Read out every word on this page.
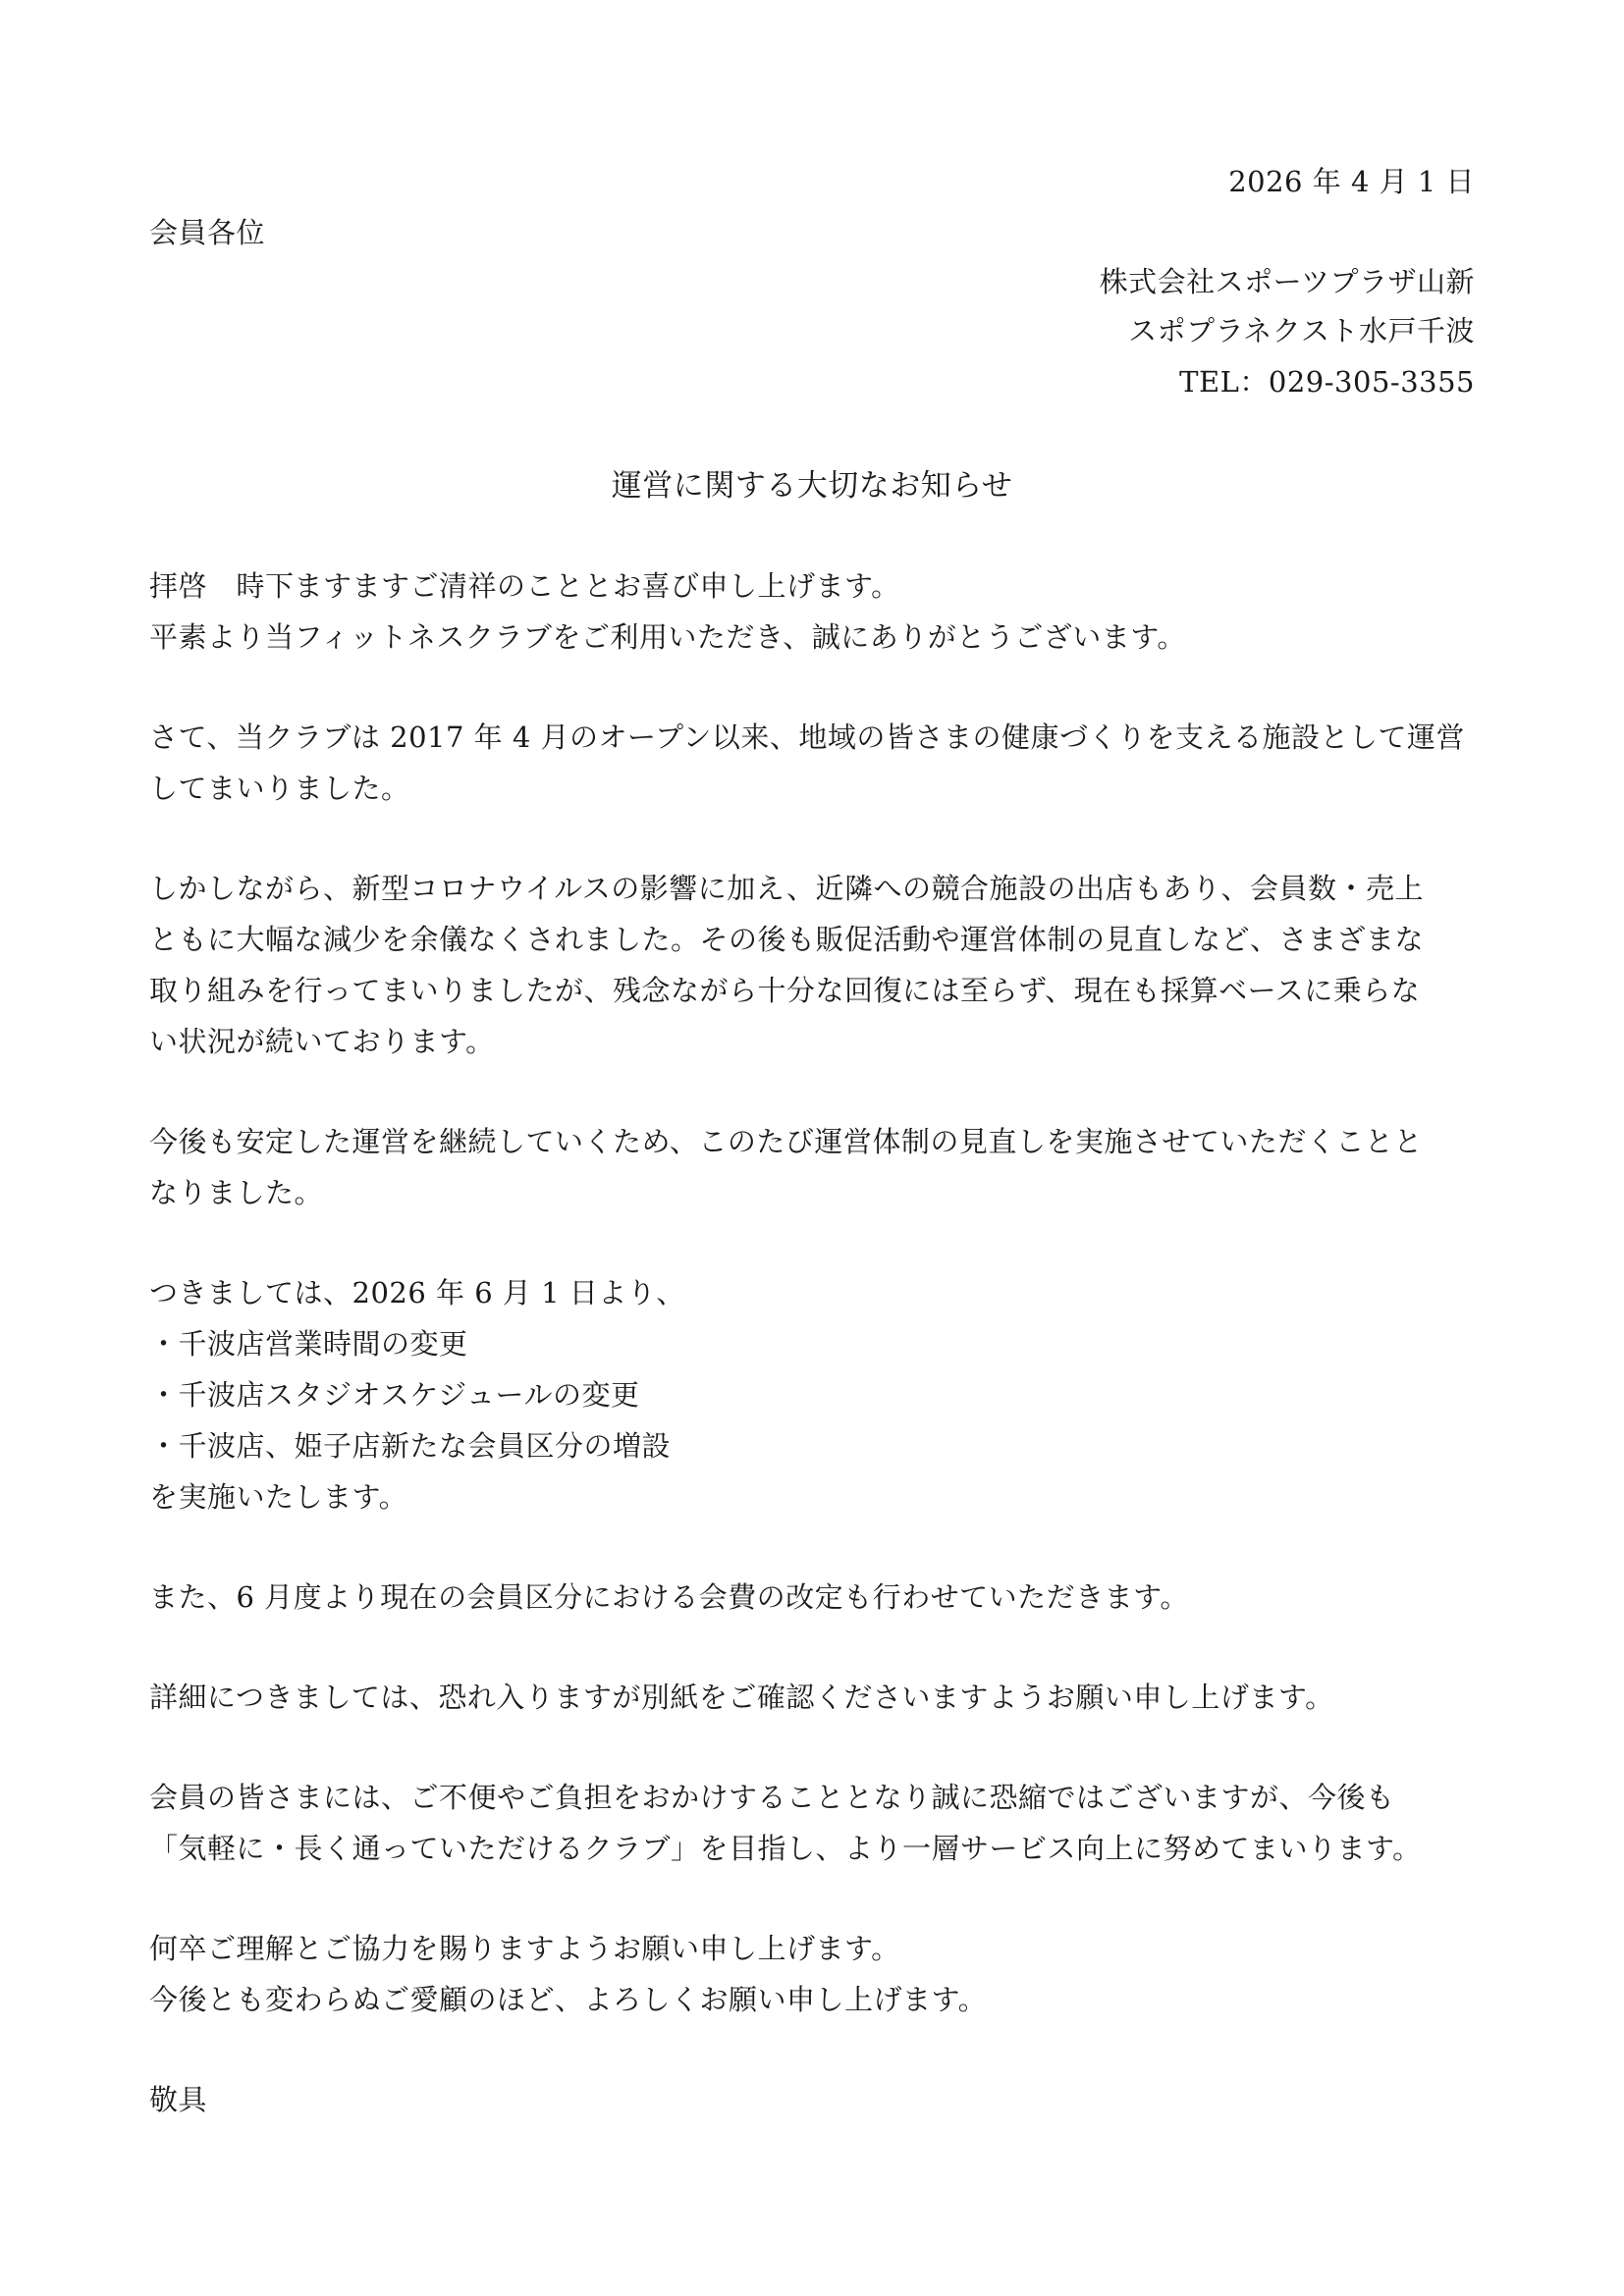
2026 年 4 月 1 日
会員各位
株式会社スポーツプラザ山新
スポプラネクスト水戸千波
TEL：029-305-3355
運営に関する大切なお知らせ
拝啓　時下ますますご清祥のこととお喜び申し上げます。
平素より当フィットネスクラブをご利用いただき、誠にありがとうございます。
さて、当クラブは 2017 年 4 月のオープン以来、地域の皆さまの健康づくりを支える施設として運営
してまいりました。
しかしながら、新型コロナウイルスの影響に加え、近隣への競合施設の出店もあり、会員数・売上
ともに大幅な減少を余儀なくされました。その後も販促活動や運営体制の見直しなど、さまざまな
取り組みを行ってまいりましたが、残念ながら十分な回復には至らず、現在も採算ベースに乗らな
い状況が続いております。
今後も安定した運営を継続していくため、このたび運営体制の見直しを実施させていただくことと
なりました。
つきましては、2026 年 6 月 1 日より、
・千波店営業時間の変更
・千波店スタジオスケジュールの変更
・千波店、姫子店新たな会員区分の増設
を実施いたします。
また、6 月度より現在の会員区分における会費の改定も行わせていただきます。
詳細につきましては、恐れ入りますが別紙をご確認くださいますようお願い申し上げます。
会員の皆さまには、ご不便やご負担をおかけすることとなり誠に恐縮ではございますが、今後も
「気軽に・長く通っていただけるクラブ」を目指し、より一層サービス向上に努めてまいります。
何卒ご理解とご協力を賜りますようお願い申し上げます。
今後とも変わらぬご愛顧のほど、よろしくお願い申し上げます。
敬具
